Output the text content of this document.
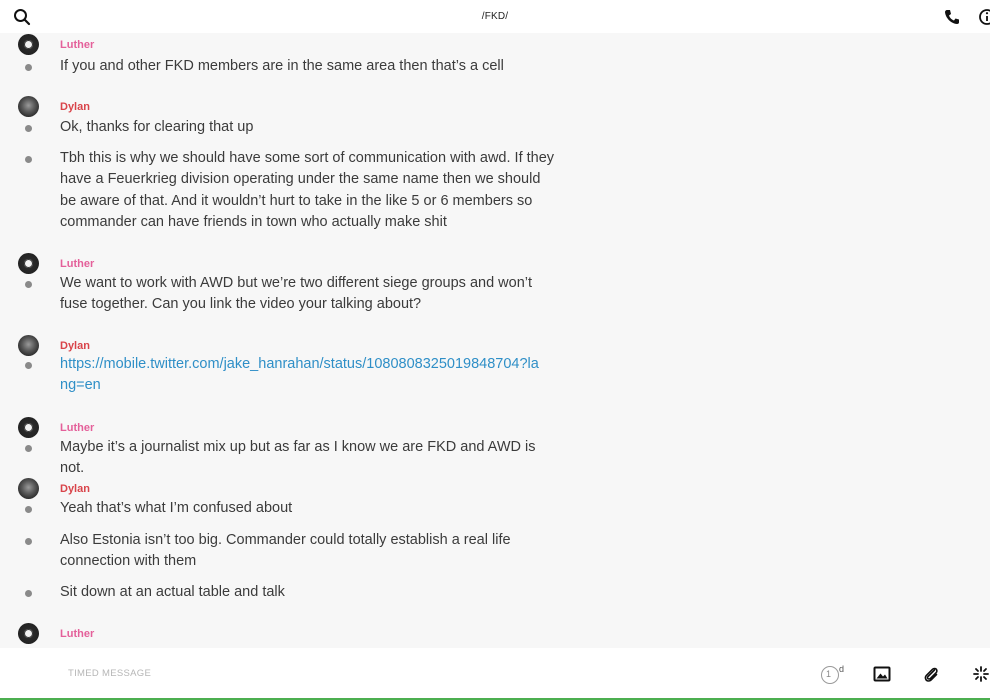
/FKD/
Luther
If you and other FKD members are in the same area then that’s a cell
Dylan
Ok, thanks for clearing that up
Tbh this is why we should have some sort of communication with awd. If they have a Feuerkrieg division operating under the same name then we should be aware of that. And it wouldn’t hurt to take in the like 5 or 6 members so commander can have friends in town who actually make shit
Luther
We want to work with AWD but we’re two different siege groups and won’t fuse together. Can you link the video your talking about?
Dylan
https://mobile.twitter.com/jake_hanrahan/status/1080808325019848704?lang=en
Luther
Maybe it’s a journalist mix up but as far as I know we are FKD and AWD is not.
Dylan
Yeah that’s what I’m confused about
Also Estonia isn’t too big. Commander could totally establish a real life connection with them
Sit down at an actual table and talk
Luther
TIMED MESSAGE	1 d
